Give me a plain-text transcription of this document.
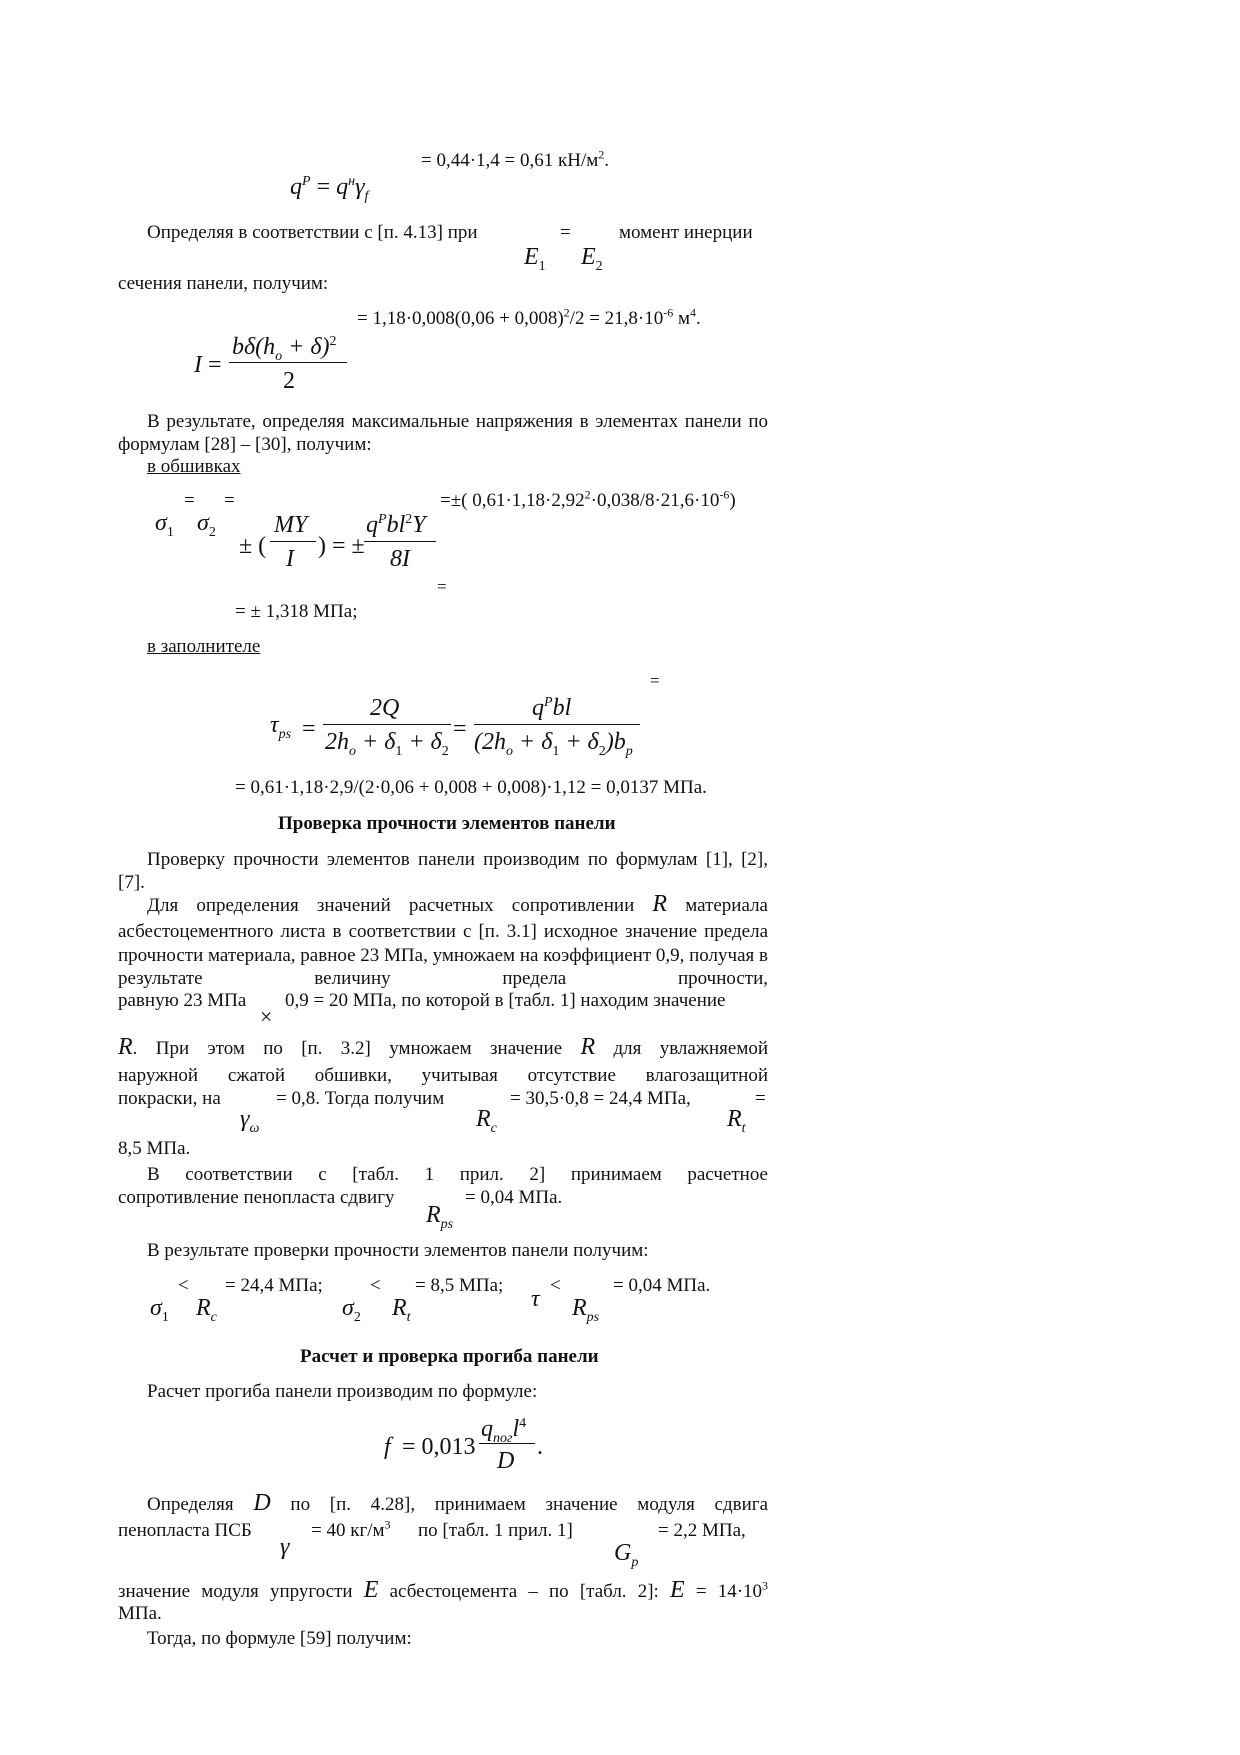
= 0,44·1,4 = 0,61 $кН/м^2$.
$q^P = q^н\gamma_f$
Определяя в соответствии с [п. 4.13] при	=	момент инерции
$E_1$ $E_2$
сечения панели, получим:
= $1,18\cdot 0,008(0,06 + 0,008)^2/2 = 21,8\cdot 10^{-6}$ $м^4$.
I =
$b\delta(h_o + \delta)^2$
2
В результате, определяя максимальные напряжения в элементах панели по формулам [28] – [30], получим:
в обшивках
= =	=±( $0,61\cdot 1,18\cdot 2,92^2\cdot 0,038/8\cdot 21,6\cdot 10^{-6}$)
$\sigma_1$ $\sigma_2$
± (
MY
I ) = ±
$q^Pbl^2Y$
8I
=
= ± 1,318 МПа;
в заполнителе
=
$\tau_{ps}$ =
2Q
$2h_o + \delta_1 + \delta_2$
=
$q^Pbl$
$(2h_o + \delta_1 + \delta_2)b_p$
= 0,61·1,18·2,9/(2·0,06 + 0,008 + 0,008)·1,12 = 0,0137 МПа.
Проверка прочности элементов панели
Проверку прочности элементов панели производим по формулам [1], [2], [7].
Для определения значений расчетных сопротивлении R материала
асбестоцементного листа в соответствии с [п. 3.1] исходное значение предела прочности материала, равное 23 МПа, умножаем на коэффициент 0,9, получая в результате величину предела прочности,
равную 23 МПа
×
0,9 = 20 МПа, по которой в [табл. 1] находим значение
R. При этом по [п. 3.2] умножаем значение R для увлажняемой
наружной сжатой обшивки, учитывая отсутствие влагозащитной
покраски, на
$\gamma_\omega$
= 0,8. Тогда получим
$R_c$
= 30,5·0,8 = 24,4 МПа,
$R_t$
=
8,5 МПа.
В соответствии с [табл. 1 прил. 2] принимаем расчетное
сопротивление пенопласта сдвигу
$R_{ps}$
= 0,04 МПа.
В результате проверки прочности элементов панели получим:
< = 24,4 МПа; < = 8,5 МПа; <	= 0,04 МПа.
$\sigma_1$ $R_c$	$\sigma_2$ $R_t$
τ $R_{ps}$
Расчет и проверка прогиба панели
Расчет прогиба панели производим по формуле:
f = 0,013
$q_{пог}l^4$
D
.
Определяя D по [п. 4.28], принимаем значение модуля сдвига
пенопласта ПСБ
γ
= 40 $кг/м^3$ по [табл. 1 прил. 1]
$G_p$
= 2,2 МПа,
значение модуля упругости E асбестоцемента – по [табл. 2]: $E = 14\cdot 10^3$
МПа.
Тогда, по формуле [59] получим:
